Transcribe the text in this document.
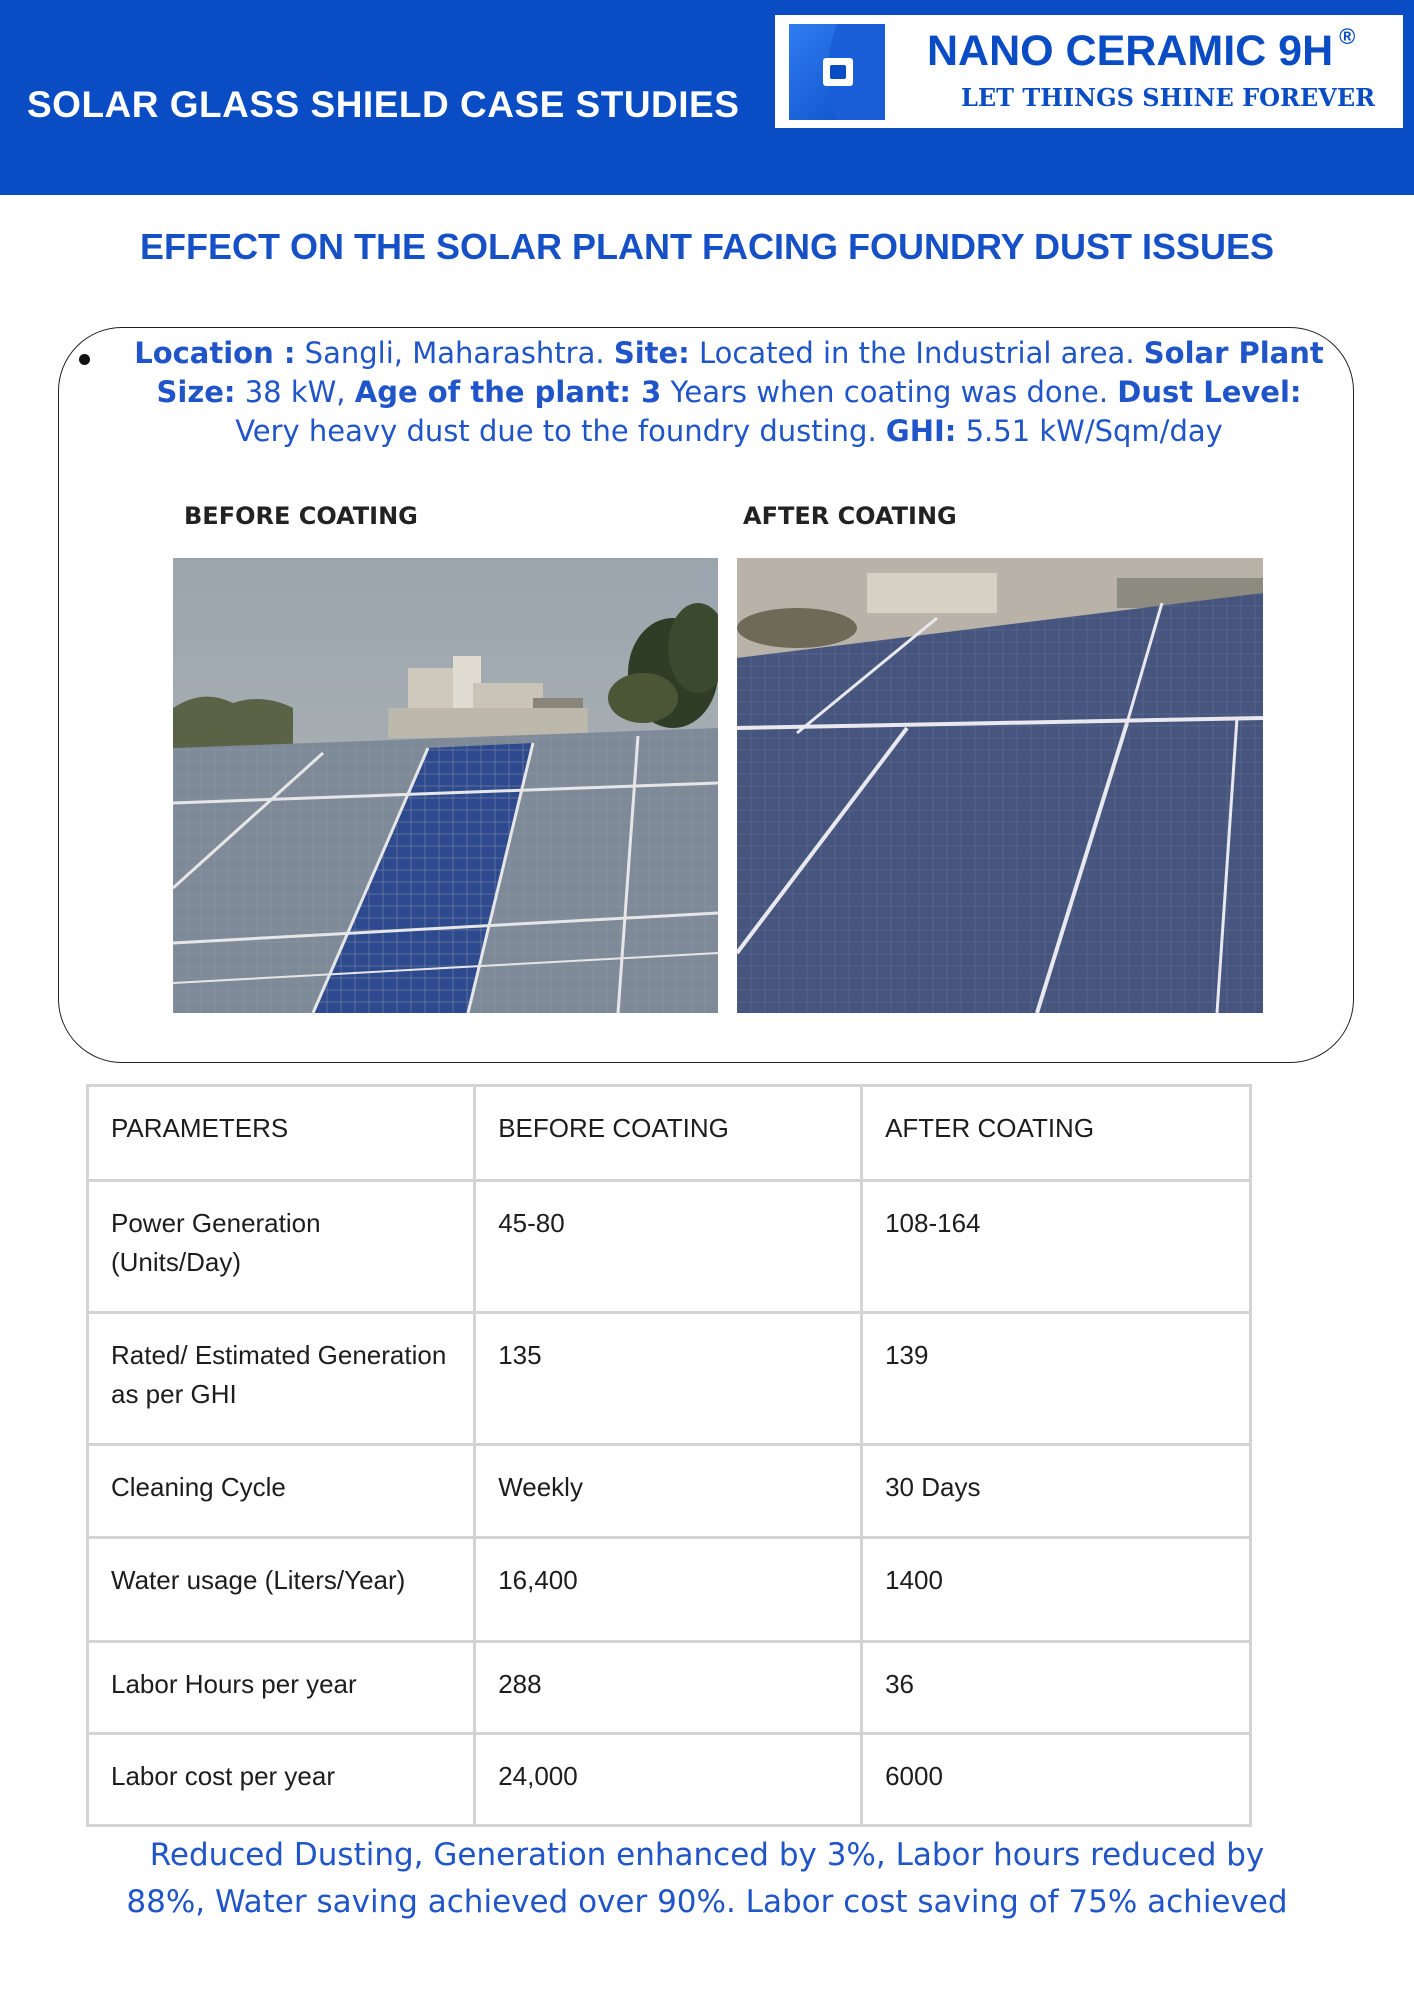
SOLAR GLASS SHIELD CASE STUDIES
NANO CERAMIC 9H ®
LET THINGS SHINE FOREVER
EFFECT ON THE SOLAR PLANT FACING FOUNDRY DUST ISSUES
Location : Sangli, Maharashtra. Site: Located in the Industrial area. Solar Plant Size: 38 kW, Age of the plant: 3 Years when coating was done. Dust Level: Very heavy dust due to the foundry dusting. GHI: 5.51 kW/Sqm/day
BEFORE COATING	AFTER COATING
PARAMETERS	BEFORE COATING	AFTER COATING
Power Generation (Units/Day)	45-80	108-164
Rated/ Estimated Generation as per GHI	135	139
Cleaning Cycle	Weekly	30 Days
Water usage (Liters/Year)	16,400	1400
Labor Hours per year	288	36
Labor cost per year	24,000	6000
Reduced Dusting, Generation enhanced by 3%, Labor hours reduced by
88%, Water saving achieved over 90%. Labor cost saving of 75% achieved
